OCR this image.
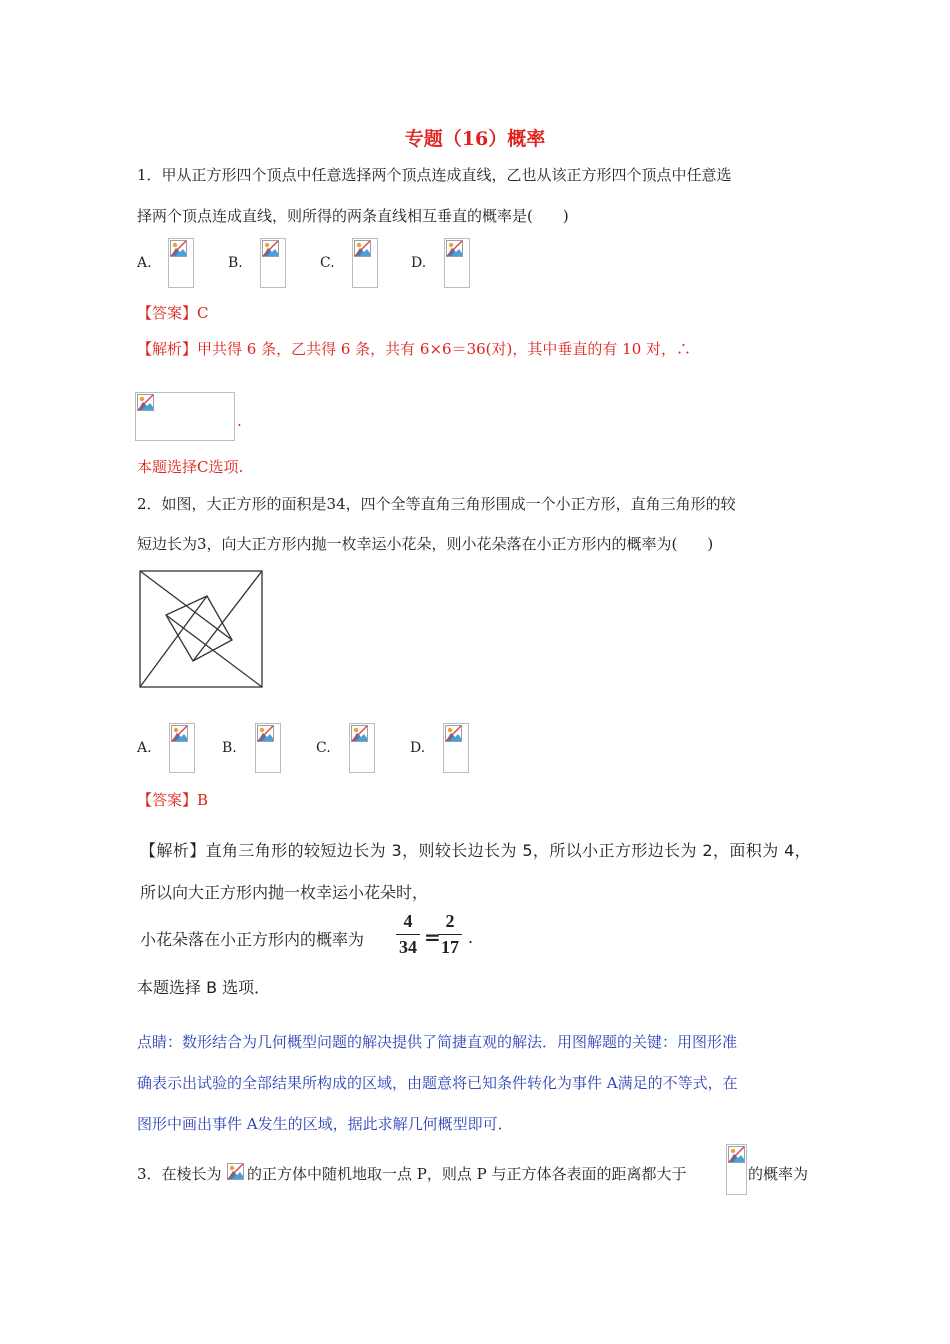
专题（16）概率
1．甲从正方形四个顶点中任意选择两个顶点连成直线，乙也从该正方形四个顶点中任意选
择两个顶点连成直线，则所得的两条直线相互垂直的概率是(　　)
A.	B.	C.	D.
【答案】C
【解析】甲共得 6 条，乙共得 6 条，共有 6×6＝36(对)，其中垂直的有 10 对，∴
.
本题选择C选项.
2．如图，大正方形的面积是34，四个全等直角三角形围成一个小正方形，直角三角形的较
短边长为3，向大正方形内抛一枚幸运小花朵，则小花朵落在小正方形内的概率为(　　)
A.	B.	C.	D.
【答案】B
【解析】直角三角形的较短边长为 3，则较长边长为 5，所以小正方形边长为 2，面积为 4，
所以向大正方形内抛一枚幸运小花朵时，
小花朵落在小正方形内的概率为
4
34 =
2
17 .
本题选择 B 选项．
点睛：数形结合为几何概型问题的解决提供了简捷直观的解法．用图解题的关键：用图形准
确表示出试验的全部结果所构成的区域，由题意将已知条件转化为事件 A满足的不等式，在
图形中画出事件 A发生的区域，据此求解几何概型即可．
3．在棱长为 的正方体中随机地取一点 P，则点 P 与正方体各表面的距离都大于	的概率为
